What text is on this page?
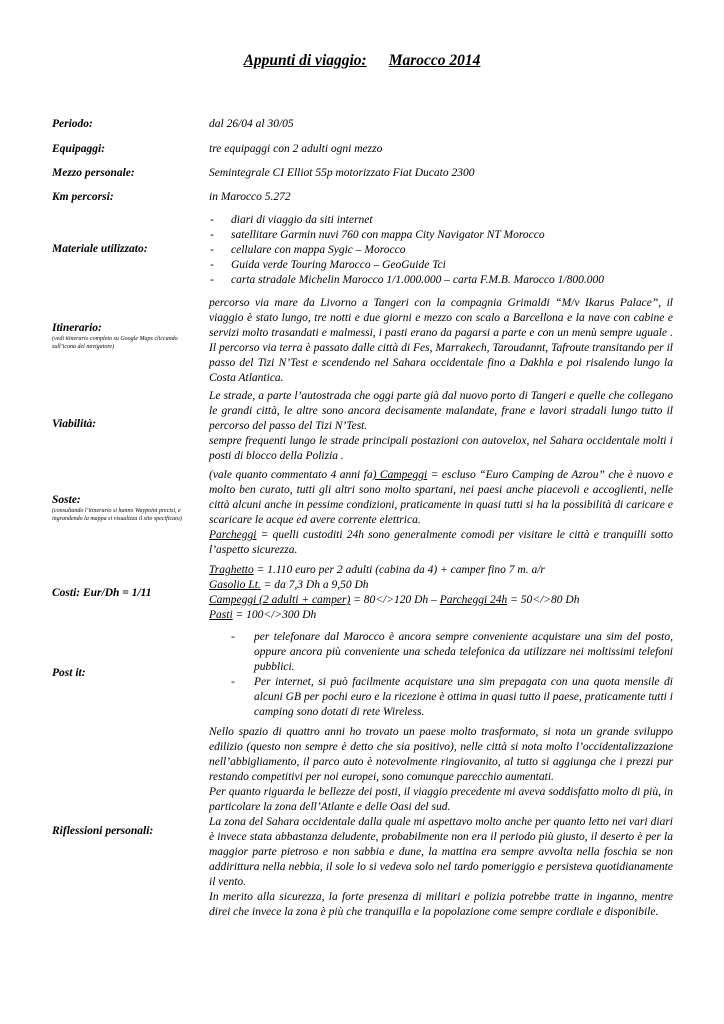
Appunti di viaggio: Marocco 2014
Periodo:	dal 26/04 al 30/05
Equipaggi:	tre equipaggi con 2 adulti ogni mezzo
Mezzo personale:	Semintegrale CI Elliot 55p motorizzato Fiat Ducato 2300
Km percorsi:	in Marocco 5.272
Materiale utilizzato:
- diari di viaggio da siti internet
- satellitare Garmin nuvi 760 con mappa City Navigator NT Morocco
- cellulare con mappa Sygic – Morocco
- Guida verde Touring Marocco – GeoGuide Tci
- carta stradale Michelin Marocco 1/1.000.000 – carta F.M.B. Marocco 1/800.000
Itinerario:
(vedi itinerario completo su Google Maps cliccando sull’icona del navigatore)
percorso via mare da Livorno a Tangeri con la compagnia Grimaldi “M/v Ikarus Palace”, il viaggio è stato lungo, tre notti e due giorni e mezzo con scalo a Barcellona e la nave con cabine e servizi molto trasandati e malmessi, i pasti erano da pagarsi a parte e con un menù sempre uguale . Il percorso via terra è passato dalle città di Fes, Marrakech, Taroudannt, Tafroute transitando per il passo del Tizi N’Test e scendendo nel Sahara occidentale fino a Dakhla e poi risalendo lungo la Costa Atlantica.
Viabilità:

Le strade, a parte l’autostrada che oggi parte già dal nuovo porto di Tangeri e quelle che collegano le grandi città, le altre sono ancora decisamente malandate, frane e lavori stradali lungo tutto il percorso del passo del Tizi N’Test.

sempre frequenti lungo le strade principali postazioni con autovelox, nel Sahara occidentale molti i posti di blocco della Polizia .

Soste:
(consultando l’itinerario si hanno Waypoint precisi, e ingrandendo la mappa si visualizza il sito specificato)

(vale quanto commentato 4 anni fa) Campeggi = escluso “Euro Camping de Azrou” che è nuovo e molto ben curato, tutti gli altri sono molto spartani, nei paesi anche piacevoli e accoglienti, nelle città alcuni anche in pessime condizioni, praticamente in quasi tutti si ha la possibilità di caricare e scaricare le acque ed avere corrente elettrica.

Parcheggi = quelli custoditi 24h sono generalmente comodi per visitare le città e tranquilli sotto l’aspetto sicurezza.

Costi: Eur/Dh = 1/11

Traghetto = 1.110 euro per 2 adulti (cabina da 4) + camper fino 7 m. a/r

Gasolio Lt. = da 7,3 Dh a 9,50 Dh

Campeggi (2 adulti + camper) = 80</>120 Dh – Parcheggi 24h = 50</>80 Dh

Pasti = 100</>300 Dh

Post it:
- per telefonare dal Marocco è ancora sempre conveniente acquistare una sim del posto, oppure ancora più conveniente una scheda telefonica da utilizzare nei moltissimi telefoni pubblici.
- Per internet, si può facilmente acquistare una sim prepagata con una quota mensile di alcuni GB per pochi euro e la ricezione è ottima in quasi tutto il paese, praticamente tutti i camping sono dotati di rete Wireless.
Riflessioni personali:

Nello spazio di quattro anni ho trovato un paese molto trasformato, si nota un grande sviluppo edilizio (questo non sempre è detto che sia positivo), nelle città si nota molto l’occidentalizzazione nell’abbigliamento, il parco auto è notevolmente ringiovanito, al tutto si aggiunga che i prezzi pur restando competitivi per noi europei, sono comunque parecchio aumentati.

Per quanto riguarda le bellezze dei posti, il viaggio precedente mi aveva soddisfatto molto di più, in particolare la zona dell’Atlante e delle Oasi del sud.

La zona del Sahara occidentale dalla quale mi aspettavo molto anche per quanto letto nei vari diari è invece stata abbastanza deludente, probabilmente non era il periodo più giusto, il deserto è per la maggior parte pietroso e non sabbia e dune, la mattina era sempre avvolta nella foschia se non addirittura nella nebbia, il sole lo si vedeva solo nel tardo pomeriggio e persisteva quotidianamente il vento.

In merito alla sicurezza, la forte presenza di militari e polizia potrebbe tratte in inganno, mentre direi che invece la zona è più che tranquilla e la popolazione come sempre cordiale e disponibile.
